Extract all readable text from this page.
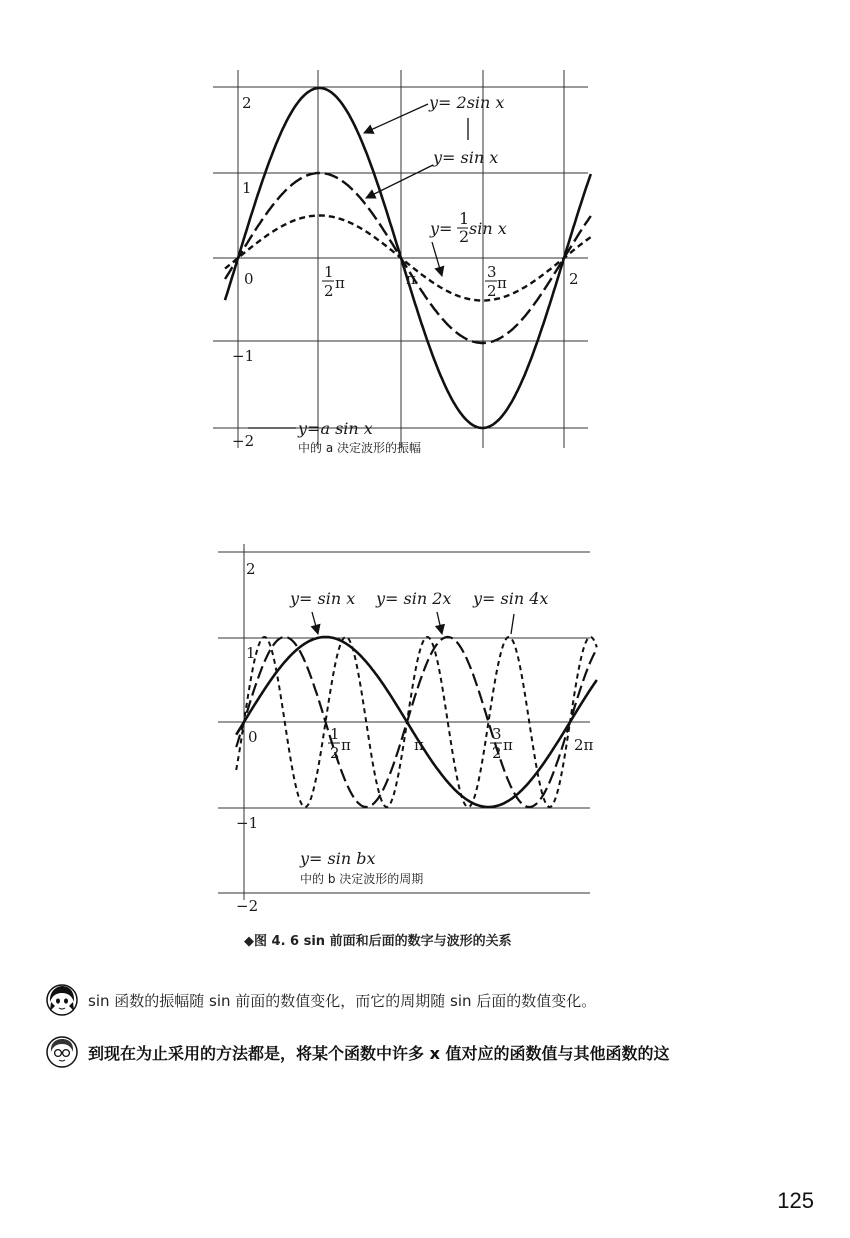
2
1
0
−1
−2
1
2 π	π	3
2 π	2
y= 2sin x
y= sin x
y=
1
2 sin x
y=a sin x
中的 a 决定波形的振幅
2
1
0
−1
−2
1
2 π	π
3
2 π	2π
y= sin x y= sin 2x y= sin 4x
y= sin bx
中的 b 决定波形的周期
◆图 4. 6 sin 前面和后面的数字与波形的关系
sin 函数的振幅随 sin 前面的数值变化，而它的周期随 sin 后面的数值变化。
到现在为止采用的方法都是，将某个函数中许多 x 值对应的函数值与其他函数的这
125
